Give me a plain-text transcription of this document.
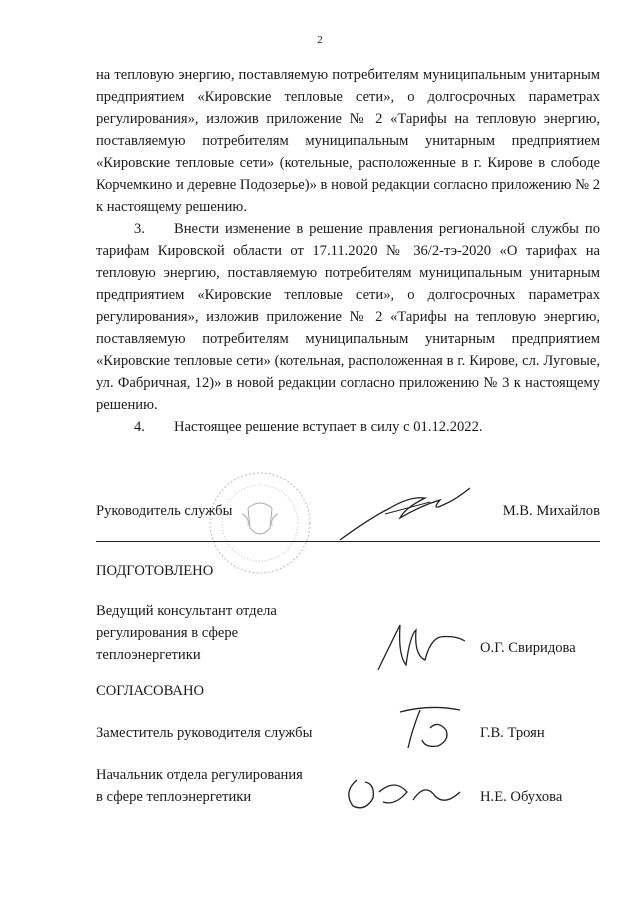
2

на тепловую энергию, поставляемую потребителям муниципальным унитарным предприятием «Кировские тепловые сети», о долгосрочных параметрах регулирования», изложив приложение № 2 «Тарифы на тепловую энергию, поставляемую потребителям муниципальным унитарным предприятием «Кировские тепловые сети» (котельные, расположенные в г. Кирове в слободе Корчемкино и деревне Подозерье)» в новой редакции согласно приложению № 2 к настоящему решению.

3. Внести изменение в решение правления региональной службы по тарифам Кировской области от 17.11.2020 № 36/2-тэ-2020 «О тарифах на тепловую энергию, поставляемую потребителям муниципальным унитарным предприятием «Кировские тепловые сети», о долгосрочных параметрах регулирования», изложив приложение № 2 «Тарифы на тепловую энергию, поставляемую потребителям муниципальным унитарным предприятием «Кировские тепловые сети» (котельная, расположенная в г. Кирове, сл. Луговые, ул. Фабричная, 12)» в новой редакции согласно приложению № 3 к настоящему решению.

4. Настоящее решение вступает в силу с 01.12.2022.

Руководитель службы	М.В. Михайлов
ПОДГОТОВЛЕНО
Ведущий консультант отдела
регулирования в сфере
теплоэнергетики	О.Г. Свиридова
СОГЛАСОВАНО
Заместитель руководителя службы	Г.В. Троян
Начальник отдела регулирования
в сфере теплоэнергетики	Н.Е. Обухова
